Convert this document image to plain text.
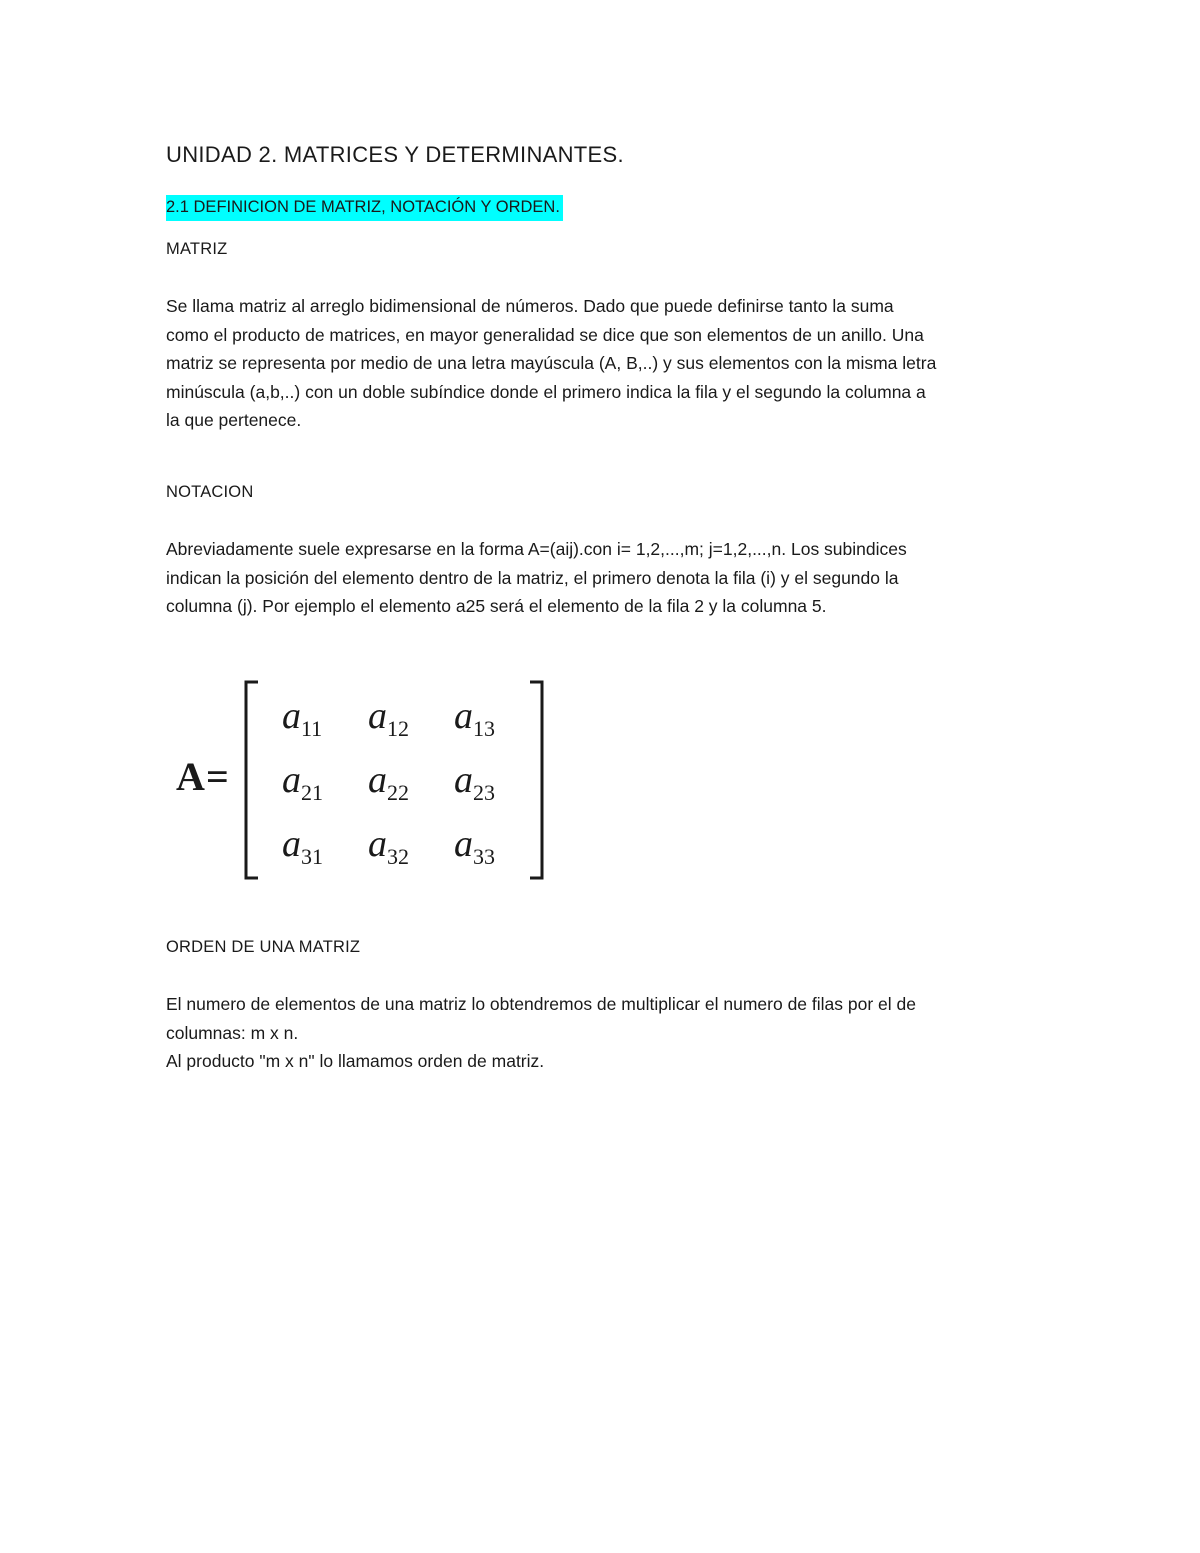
UNIDAD 2. MATRICES Y DETERMINANTES.
2.1 DEFINICION DE MATRIZ, NOTACIÓN Y ORDEN.
MATRIZ
Se llama matriz al arreglo bidimensional de números. Dado que puede definirse tanto la suma
como el producto de matrices, en mayor generalidad se dice que son elementos de un anillo. Una
matriz se representa por medio de una letra mayúscula (A, B,..) y sus elementos con la misma letra
minúscula (a,b,..) con un doble subíndice donde el primero indica la fila y el segundo la columna a
la que pertenece.
NOTACION
Abreviadamente suele expresarse en la forma A=(aij).con i= 1,2,...,m; j=1,2,...,n. Los subindices
indican la posición del elemento dentro de la matriz, el primero denota la fila (i) y el segundo la
columna (j). Por ejemplo el elemento a25 será el elemento de la fila 2 y la columna 5.
A =
$a_{11}$ $a_{12}$ $a_{13}$
$a_{21}$ $a_{22}$ $a_{23}$
$a_{31}$ $a_{32}$ $a_{33}$
ORDEN DE UNA MATRIZ
El numero de elementos de una matriz lo obtendremos de multiplicar el numero de filas por el de
columnas: m x n.
Al producto "m x n" lo llamamos orden de matriz.
